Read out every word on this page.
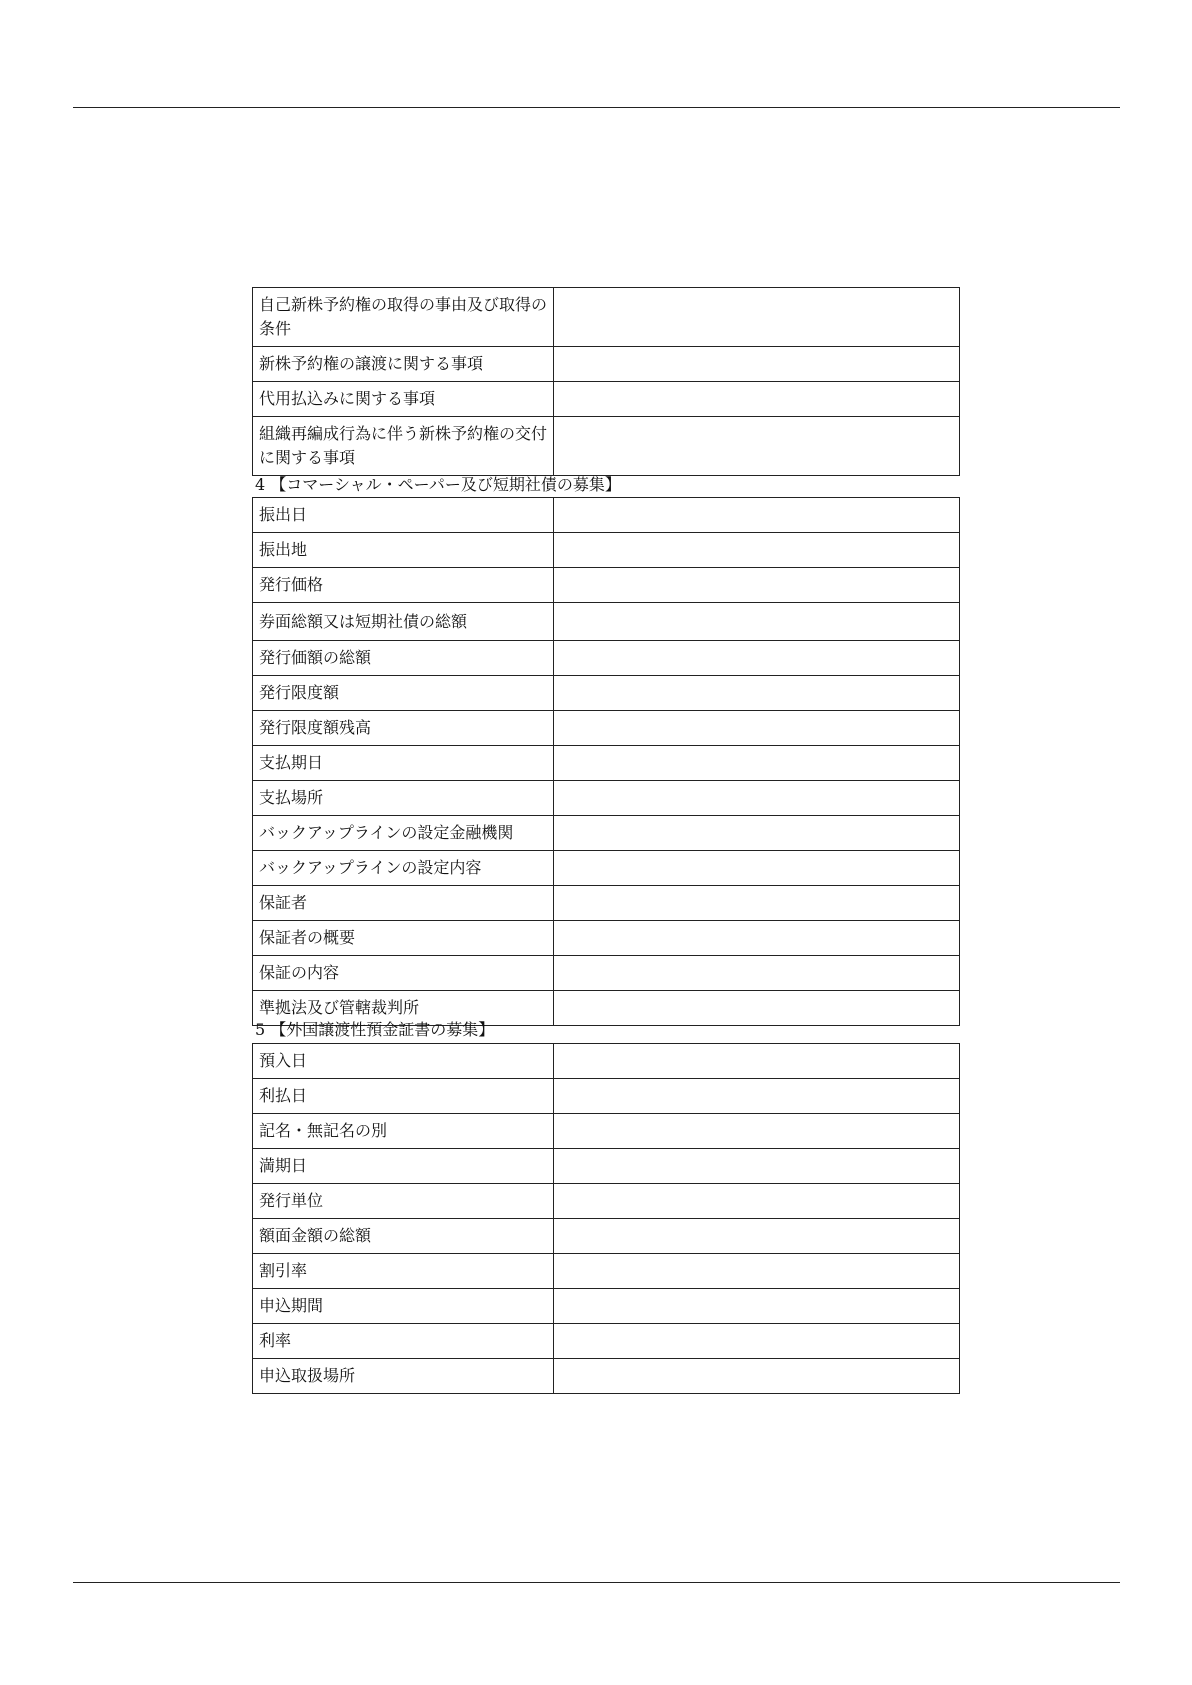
自己新株予約権の取得の事由及び取得の条件	
新株予約権の譲渡に関する事項	
代用払込みに関する事項	
組織再編成行為に伴う新株予約権の交付に関する事項	
4 【コマーシャル・ペーパー及び短期社債の募集】
振出日	
振出地	
発行価格	
券面総額又は短期社債の総額	
発行価額の総額	
発行限度額	
発行限度額残高	
支払期日	
支払場所	
バックアップラインの設定金融機関	
バックアップラインの設定内容	
保証者	
保証者の概要	
保証の内容	
準拠法及び管轄裁判所	
5 【外国譲渡性預金証書の募集】
預入日	
利払日	
記名・無記名の別	
満期日	
発行単位	
額面金額の総額	
割引率	
申込期間	
利率	
申込取扱場所	
